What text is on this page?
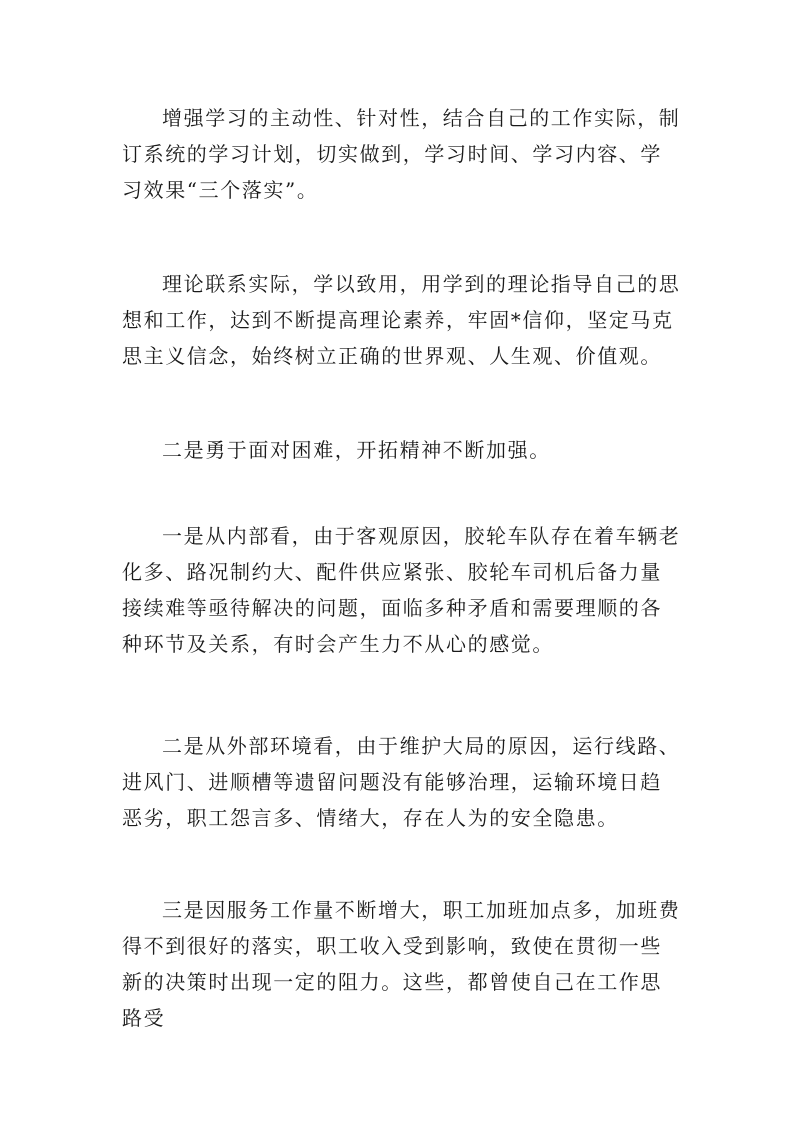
增强学习的主动性、针对性，结合自己的工作实际，制订系统的学习计划，切实做到，学习时间、学习内容、学习效果“三个落实”。

理论联系实际，学以致用，用学到的理论指导自己的思想和工作，达到不断提高理论素养，牢固*信仰，坚定马克思主义信念，始终树立正确的世界观、人生观、价值观。

二是勇于面对困难，开拓精神不断加强。

一是从内部看，由于客观原因，胶轮车队存在着车辆老化多、路况制约大、配件供应紧张、胶轮车司机后备力量接续难等亟待解决的问题，面临多种矛盾和需要理顺的各种环节及关系，有时会产生力不从心的感觉。

二是从外部环境看，由于维护大局的原因，运行线路、进风门、进顺槽等遗留问题没有能够治理，运输环境日趋恶劣，职工怨言多、情绪大，存在人为的安全隐患。

三是因服务工作量不断增大，职工加班加点多，加班费得不到很好的落实，职工收入受到影响，致使在贯彻一些新的决策时出现一定的阻力。这些，都曾使自己在工作思路受
